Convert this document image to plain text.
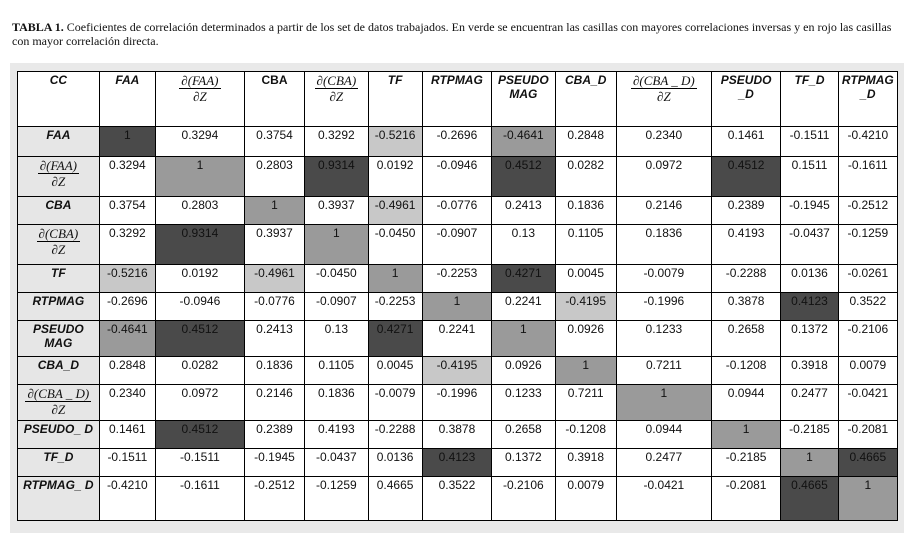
TABLA 1. Coeficientes de correlación determinados a partir de los set de datos trabajados. En verde se encuentran las casillas con mayores correlaciones inversas y en rojo las casillas con mayor correlación directa.
CC	FAA	$\frac{\text{∂(FAA)}}{\partial Z}$	CBA	$\frac{\text{∂(CBA)}}{\partial Z}$	TF	RTPMAG	PSEUDO MAG	CBA_D	$\frac{\text{∂(CBA \_ D)}}{\partial Z}$	PSEUDO _D	TF_D	RTPMAG _D
FAA	1	0.3294	0.3754	0.3292	-0.5216	-0.2696	-0.4641	0.2848	0.2340	0.1461	-0.1511	-0.4210

$\frac{\text{∂(FAA)}}{\partial Z}$	0.3294	1	0.2803	0.9314	0.0192	-0.0946	0.4512	0.0282	0.0972	0.4512	0.1511	-0.1611
CBA	0.3754	0.2803	1	0.3937	-0.4961	-0.0776	0.2413	0.1836	0.2146	0.2389	-0.1945	-0.2512

$\frac{\text{∂(CBA)}}{\partial Z}$	0.3292	0.9314	0.3937	1	-0.0450	-0.0907	0.13	0.1105	0.1836	0.4193	-0.0437	-0.1259
TF	-0.5216	0.0192	-0.4961	-0.0450	1	-0.2253	0.4271	0.0045	-0.0079	-0.2288	0.0136	-0.0261
RTPMAG	-0.2696	-0.0946	-0.0776	-0.0907	-0.2253	1	0.2241	-0.4195	-0.1996	0.3878	0.4123	0.3522
PSEUDO MAG	-0.4641	0.4512	0.2413	0.13	0.4271	0.2241	1	0.0926	0.1233	0.2658	0.1372	-0.2106
CBA_D	0.2848	0.0282	0.1836	0.1105	0.0045	-0.4195	0.0926	1	0.7211	-0.1208	0.3918	0.0079

$\frac{\text{∂(CBA \_ D)}}{\partial Z}$	0.2340	0.0972	0.2146	0.1836	-0.0079	-0.1996	0.1233	0.7211	1	0.0944	0.2477	-0.0421
PSEUDO_ D	0.1461	0.4512	0.2389	0.4193	-0.2288	0.3878	0.2658	-0.1208	0.0944	1	-0.2185	-0.2081
TF_D	-0.1511	-0.1511	-0.1945	-0.0437	0.0136	0.4123	0.1372	0.3918	0.2477	-0.2185	1	0.4665
RTPMAG_ D	-0.4210	-0.1611	-0.2512	-0.1259	0.4665	0.3522	-0.2106	0.0079	-0.0421	-0.2081	0.4665	1
